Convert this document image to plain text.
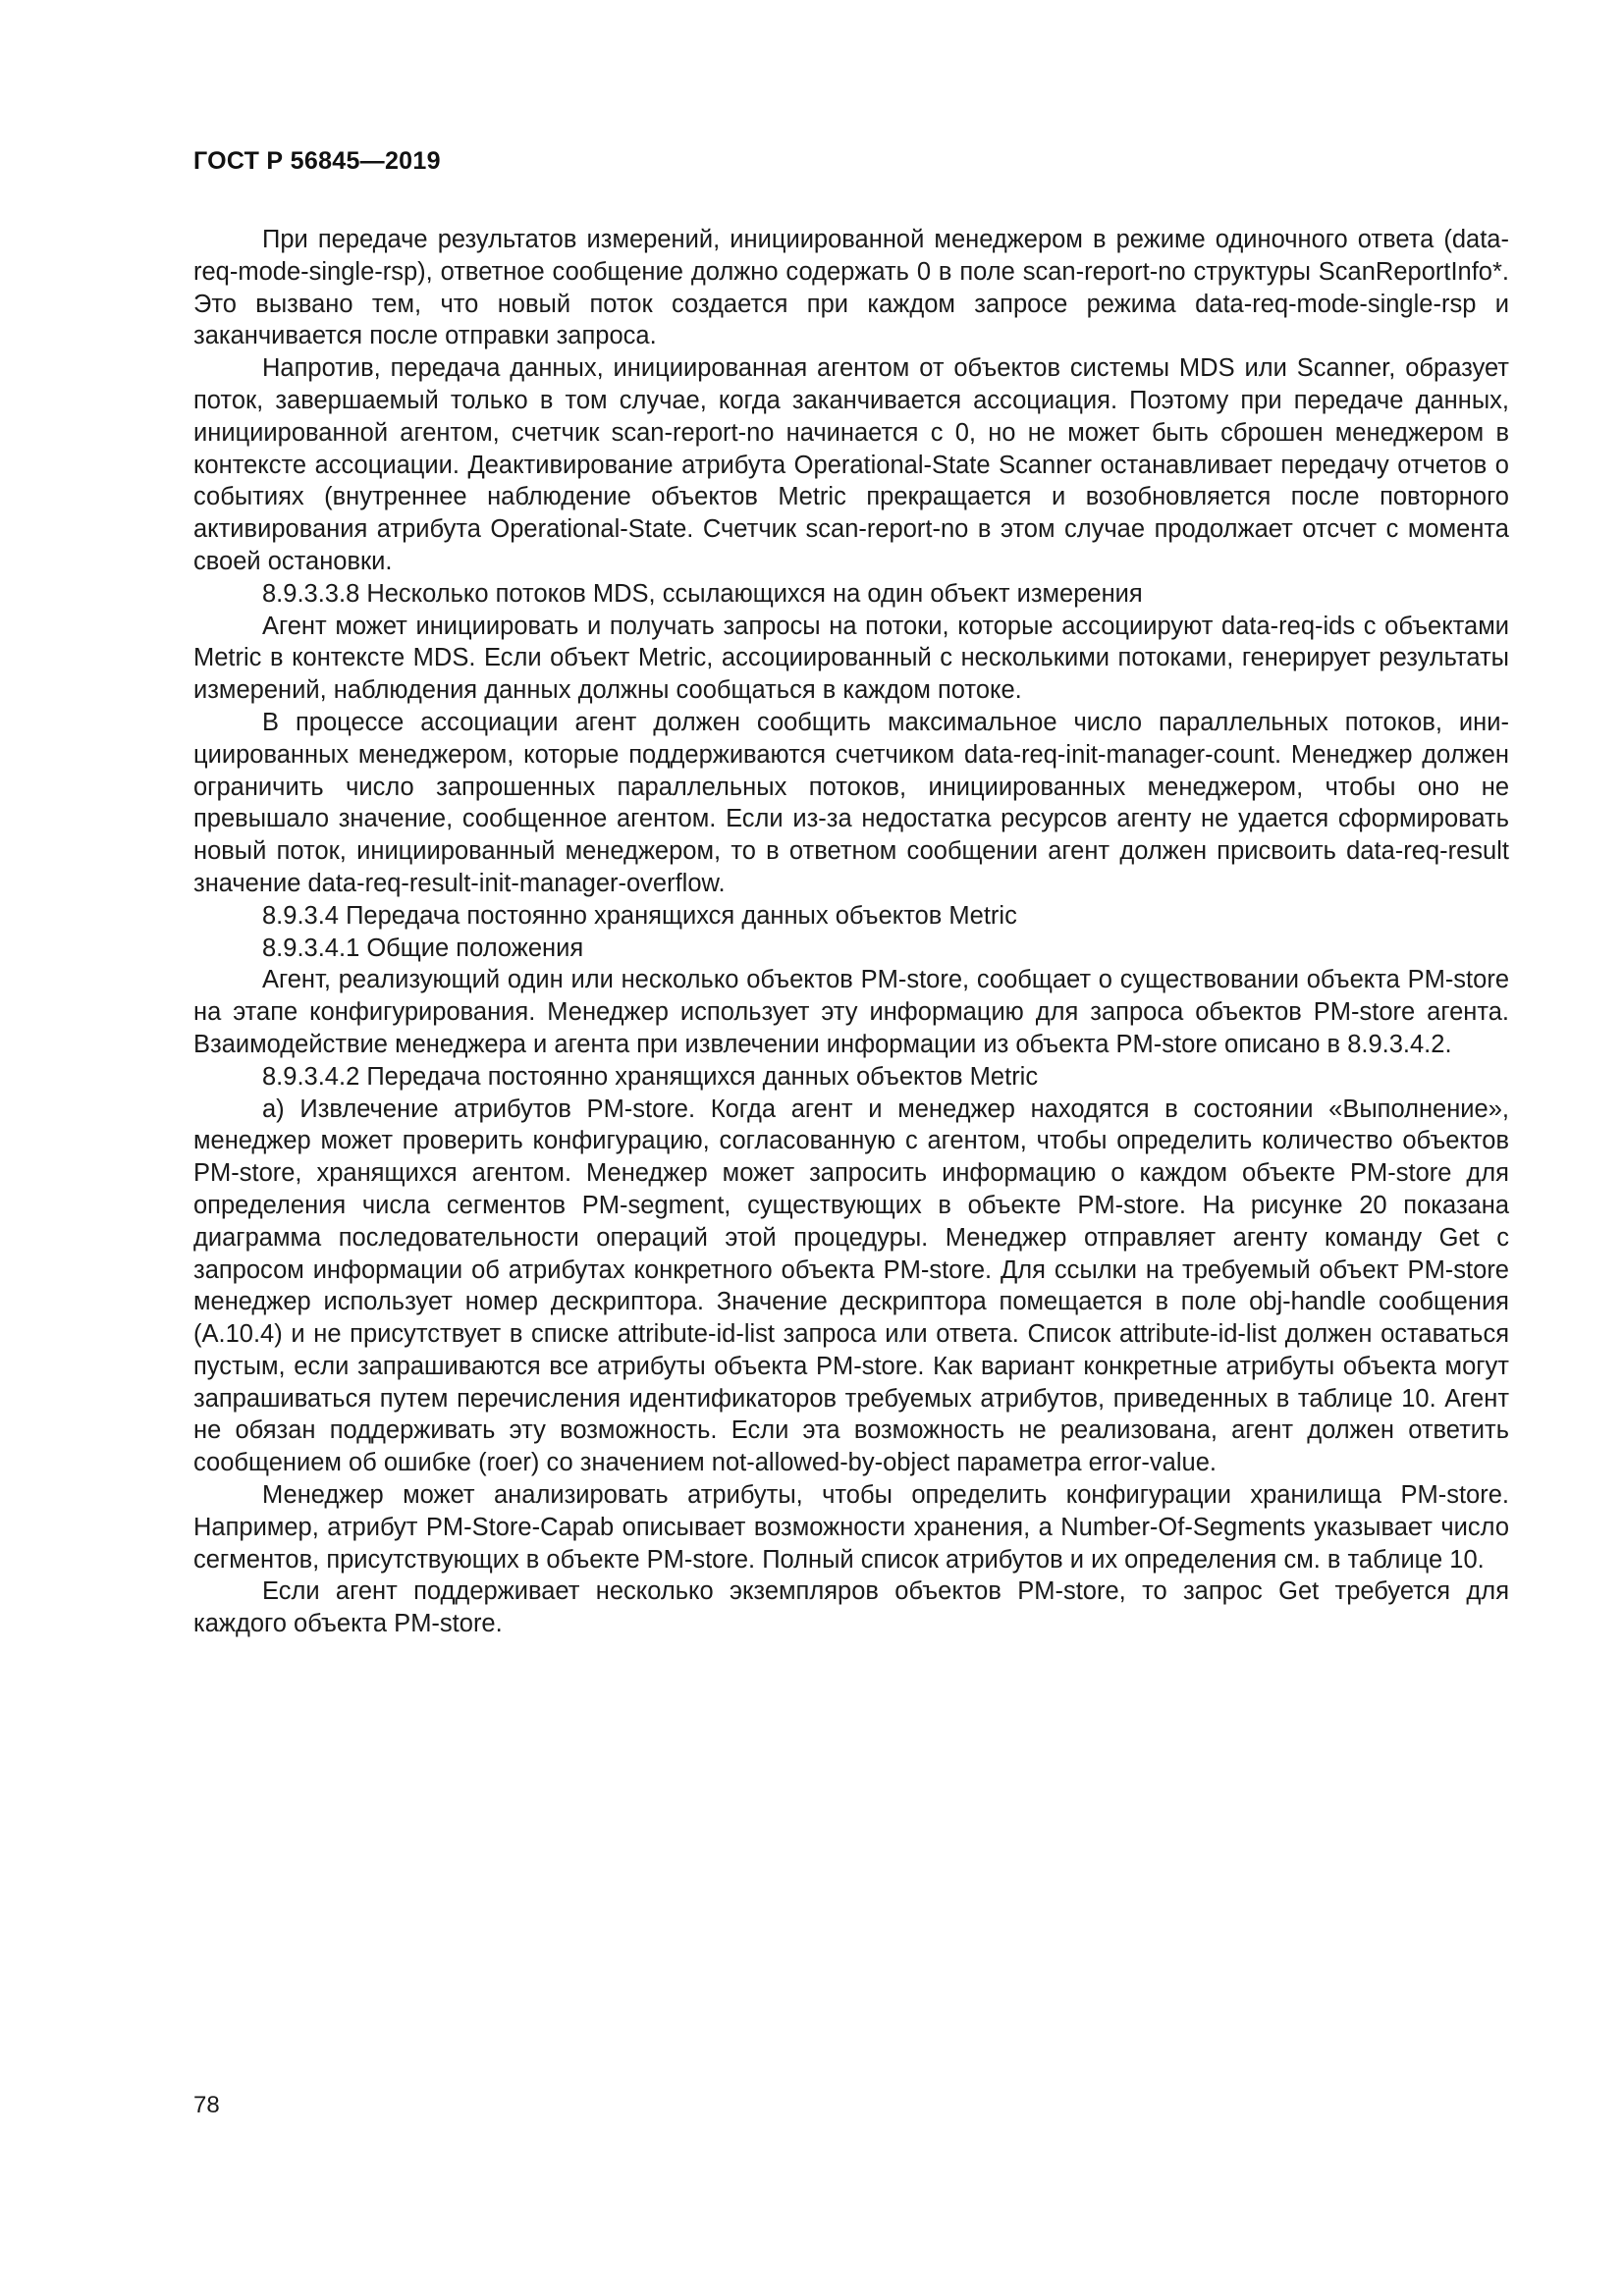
ГОСТ Р 56845—2019

При передаче результатов измерений, инициированной менеджером в режиме одиночного ответа (data-req-mode-single-rsp), ответное сообщение должно содержать 0 в поле scan-report-no структуры ScanReportInfo*. Это вызвано тем, что новый поток создается при каждом запросе режима data-req-mode-single-rsp и заканчивается после отправки запроса.

Напротив, передача данных, инициированная агентом от объектов системы MDS или Scanner, образует поток, завершаемый только в том случае, когда заканчивается ассоциация. Поэтому при передаче данных, инициированной агентом, счетчик scan-report-no начинается с 0, но не может быть сброшен менеджером в контексте ассоциации. Деактивирование атрибута Operational-State Scanner останавливает передачу отчетов о событиях (внутреннее наблюдение объектов Metric прекращается и возобновляется после повторного активирования атрибута Operational-State. Счетчик scan-report-no в этом случае продолжает отсчет с момента своей остановки.

8.9.3.3.8 Несколько потоков MDS, ссылающихся на один объект измерения

Агент может инициировать и получать запросы на потоки, которые ассоциируют data-req-ids с объектами Metric в контексте MDS. Если объект Metric, ассоциированный с несколькими потоками, генерирует результаты измерений, наблюдения данных должны сообщаться в каждом потоке.

В процессе ассоциации агент должен сообщить максимальное число параллельных потоков, инициированных менеджером, которые поддерживаются счетчиком data-req-init-manager-count. Менеджер должен ограничить число запрошенных параллельных потоков, инициированных менеджером, чтобы оно не превышало значение, сообщенное агентом. Если из-за недостатка ресурсов агенту не удается сформировать новый поток, инициированный менеджером, то в ответном сообщении агент должен присвоить data-req-result значение data-req-result-init-manager-overflow.

8.9.3.4 Передача постоянно хранящихся данных объектов Metric

8.9.3.4.1 Общие положения

Агент, реализующий один или несколько объектов PM-store, сообщает о существовании объекта PM-store на этапе конфигурирования. Менеджер использует эту информацию для запроса объектов PM-store агента. Взаимодействие менеджера и агента при извлечении информации из объекта PM-store описано в 8.9.3.4.2.

8.9.3.4.2 Передача постоянно хранящихся данных объектов Metric

a) Извлечение атрибутов PM-store. Когда агент и менеджер находятся в состоянии «Выполнение», менеджер может проверить конфигурацию, согласованную с агентом, чтобы определить количество объектов PM-store, хранящихся агентом. Менеджер может запросить информацию о каждом объекте PM-store для определения числа сегментов PM-segment, существующих в объекте PM-store. На рисунке 20 показана диаграмма последовательности операций этой процедуры. Менеджер отправляет агенту команду Get с запросом информации об атрибутах конкретного объекта PM-store. Для ссылки на требуемый объект PM-store менеджер использует номер дескриптора. Значение дескриптора помещается в поле obj-handle сообщения (A.10.4) и не присутствует в списке attribute-id-list запроса или ответа. Список attribute-id-list должен оставаться пустым, если запрашиваются все атрибуты объекта PM-store. Как вариант конкретные атрибуты объекта могут запрашиваться путем перечисления идентификаторов требуемых атрибутов, приведенных в таблице 10. Агент не обязан поддерживать эту возможность. Если эта возможность не реализована, агент должен ответить сообщением об ошибке (roer) со значением not-allowed-by-object параметра error-value.

Менеджер может анализировать атрибуты, чтобы определить конфигурации хранилища PM-store. Например, атрибут PM-Store-Capab описывает возможности хранения, а Number-Of-Segments указывает число сегментов, присутствующих в объекте PM-store. Полный список атрибутов и их определения см. в таблице 10.

Если агент поддерживает несколько экземпляров объектов PM-store, то запрос Get требуется для каждого объекта PM-store.

78
